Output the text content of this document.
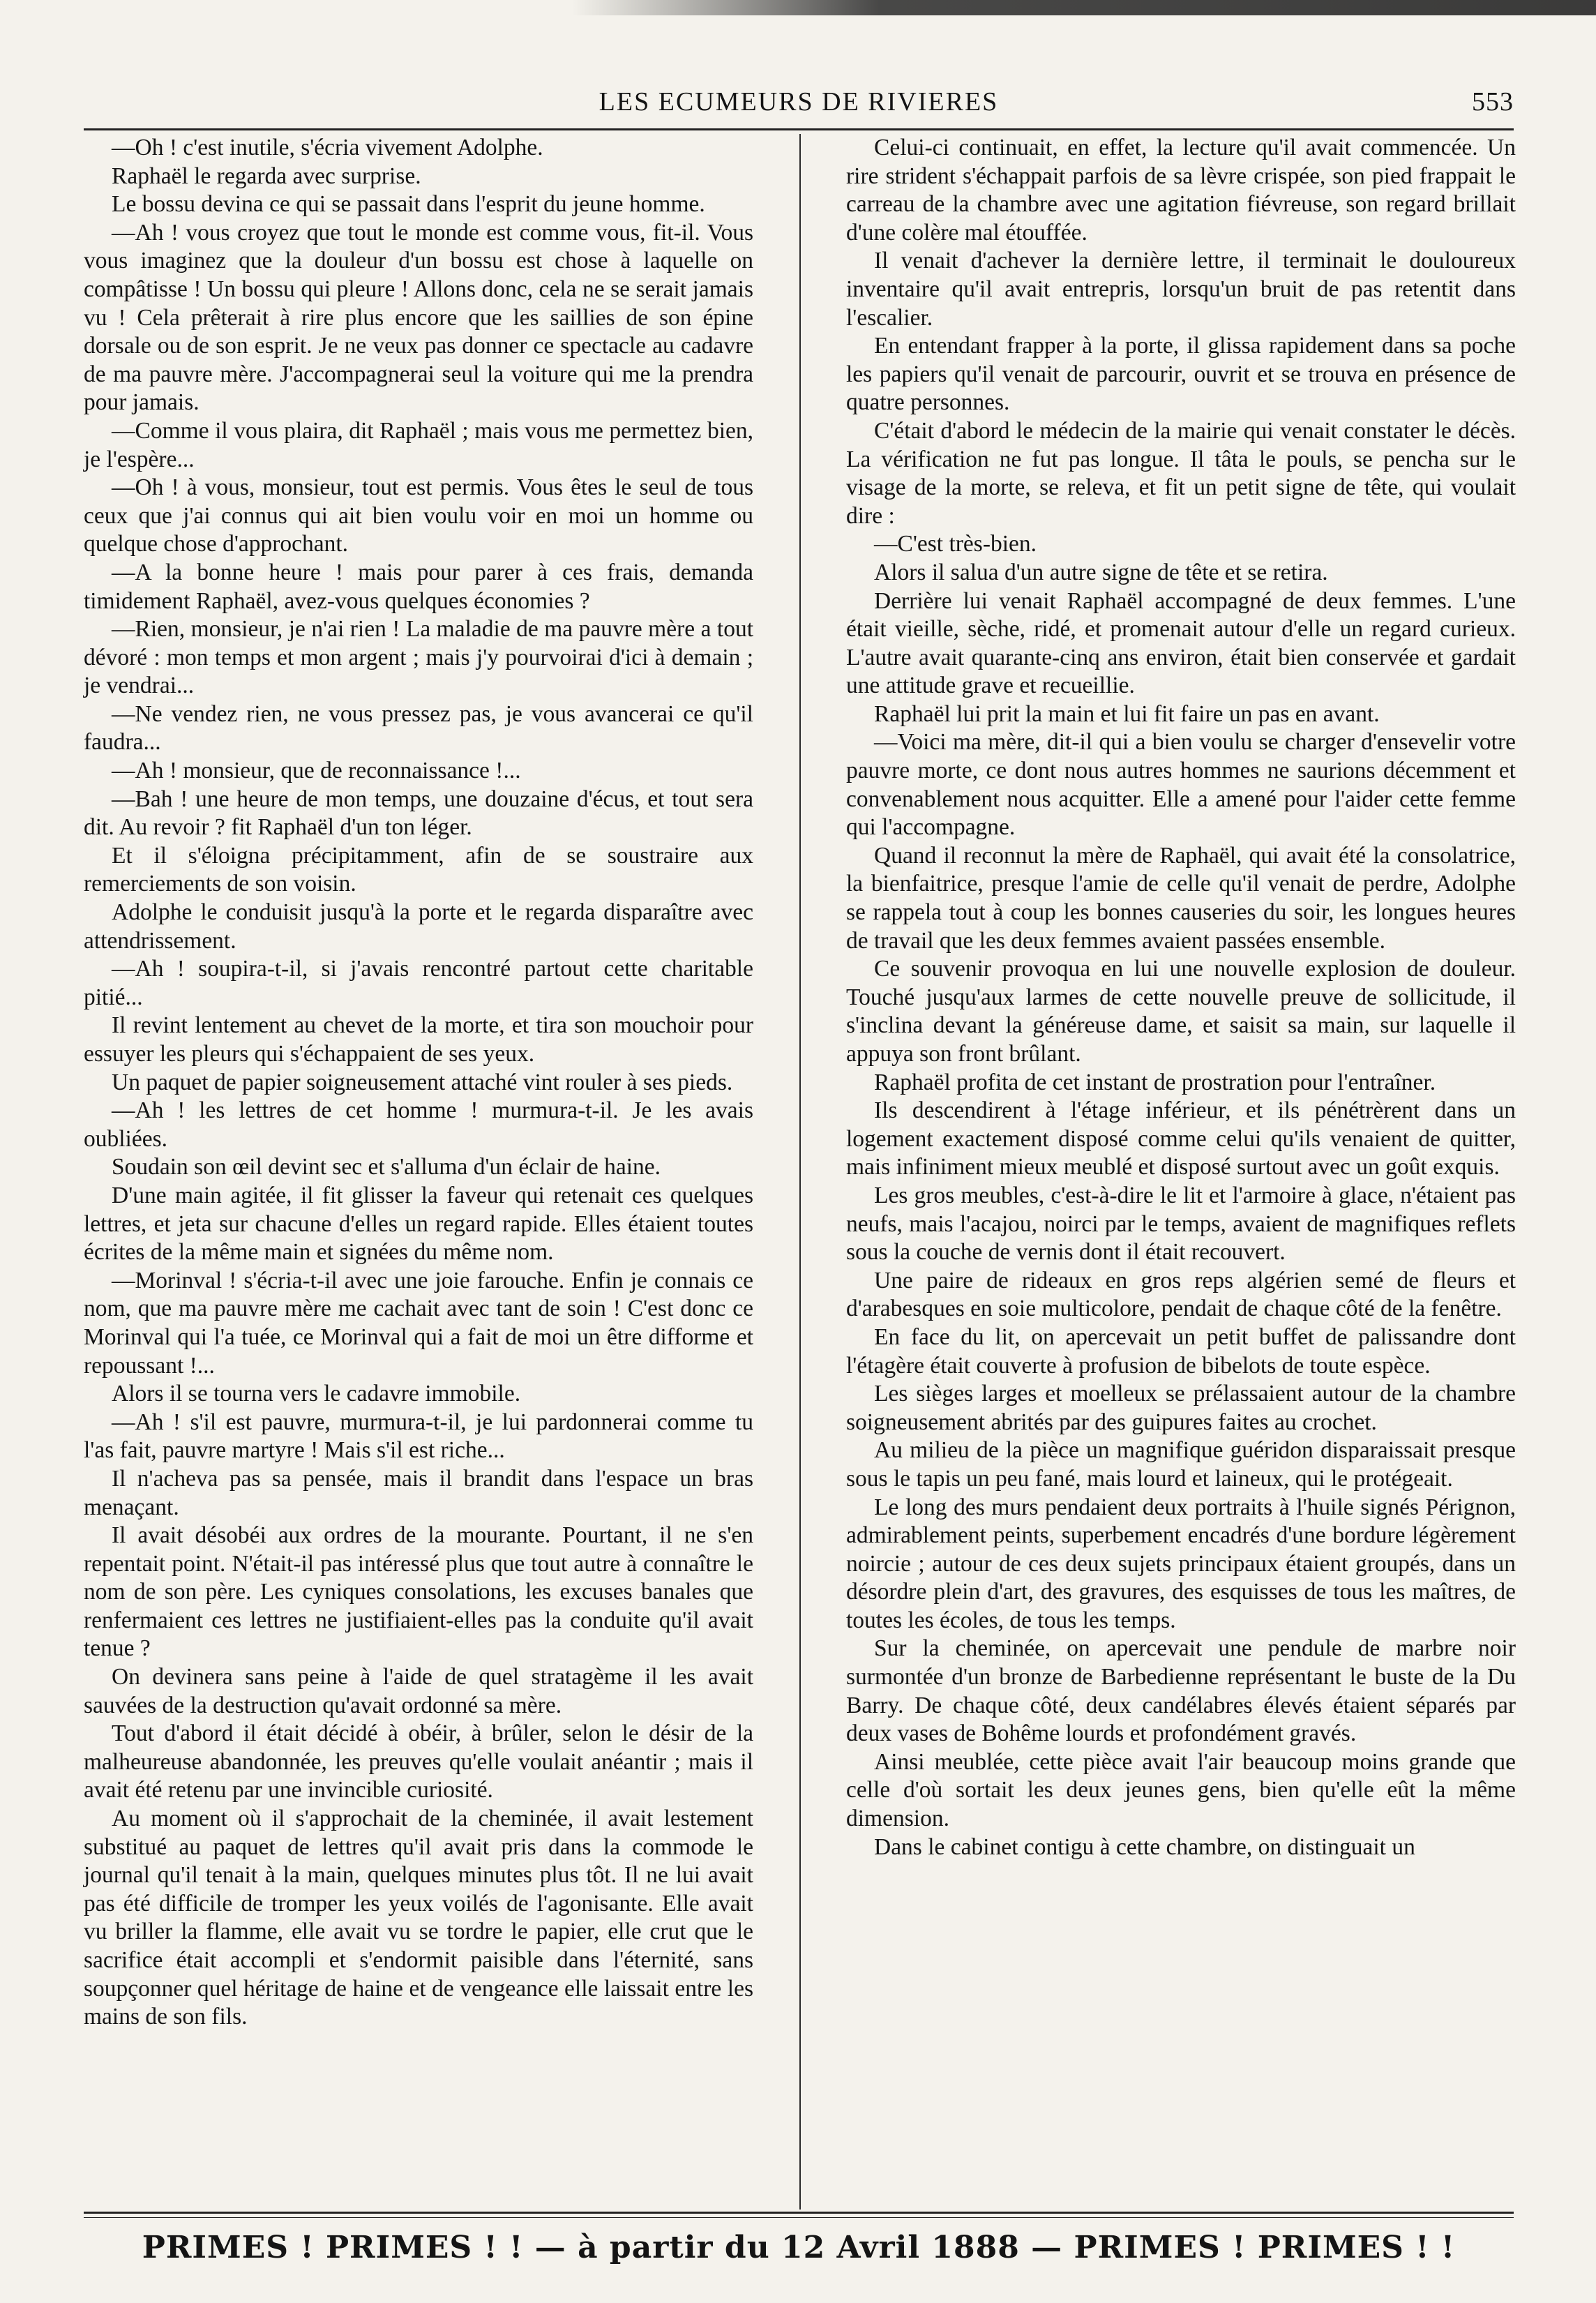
LES ECUMEURS DE RIVIERES	553

—Oh ! c'est inutile, s'écria vivement Adolphe.

Raphaël le regarda avec surprise.

Le bossu devina ce qui se passait dans l'esprit du jeune homme.

—Ah ! vous croyez que tout le monde est comme vous, fit-il. Vous vous imaginez que la douleur d'un bossu est chose à laquelle on compâtisse ! Un bossu qui pleure ! Allons donc, cela ne se serait jamais vu ! Cela prêterait à rire plus encore que les saillies de son épine dorsale ou de son esprit. Je ne veux pas donner ce spectacle au cadavre de ma pauvre mère. J'accompagnerai seul la voiture qui me la prendra pour jamais.

—Comme il vous plaira, dit Raphaël ; mais vous me permettez bien, je l'espère...

—Oh ! à vous, monsieur, tout est permis. Vous êtes le seul de tous ceux que j'ai connus qui ait bien voulu voir en moi un homme ou quelque chose d'approchant.

—A la bonne heure ! mais pour parer à ces frais, demanda timidement Raphaël, avez-vous quelques économies ?

—Rien, monsieur, je n'ai rien ! La maladie de ma pauvre mère a tout dévoré : mon temps et mon argent ; mais j'y pourvoirai d'ici à demain ; je vendrai...

—Ne vendez rien, ne vous pressez pas, je vous avancerai ce qu'il faudra...

—Ah ! monsieur, que de reconnaissance !...

—Bah ! une heure de mon temps, une douzaine d'écus, et tout sera dit. Au revoir ? fit Raphaël d'un ton léger.

Et il s'éloigna précipitamment, afin de se soustraire aux remerciements de son voisin.

Adolphe le conduisit jusqu'à la porte et le regarda disparaître avec attendrissement.

—Ah ! soupira-t-il, si j'avais rencontré partout cette charitable pitié...

Il revint lentement au chevet de la morte, et tira son mouchoir pour essuyer les pleurs qui s'échappaient de ses yeux.

Un paquet de papier soigneusement attaché vint rouler à ses pieds.

—Ah ! les lettres de cet homme ! murmura-t-il. Je les avais oubliées.

Soudain son œil devint sec et s'alluma d'un éclair de haine.

D'une main agitée, il fit glisser la faveur qui retenait ces quelques lettres, et jeta sur chacune d'elles un regard rapide. Elles étaient toutes écrites de la même main et signées du même nom.

—Morinval ! s'écria-t-il avec une joie farouche. Enfin je connais ce nom, que ma pauvre mère me cachait avec tant de soin ! C'est donc ce Morinval qui l'a tuée, ce Morinval qui a fait de moi un être difforme et repoussant !...

Alors il se tourna vers le cadavre immobile.

—Ah ! s'il est pauvre, murmura-t-il, je lui pardonnerai comme tu l'as fait, pauvre martyre ! Mais s'il est riche...

Il n'acheva pas sa pensée, mais il brandit dans l'espace un bras menaçant.

Il avait désobéi aux ordres de la mourante. Pourtant, il ne s'en repentait point. N'était-il pas intéressé plus que tout autre à connaître le nom de son père. Les cyniques consolations, les excuses banales que renfermaient ces lettres ne justifiaient-elles pas la conduite qu'il avait tenue ?

On devinera sans peine à l'aide de quel stratagème il les avait sauvées de la destruction qu'avait ordonné sa mère.

Tout d'abord il était décidé à obéir, à brûler, selon le désir de la malheureuse abandonnée, les preuves qu'elle voulait anéantir ; mais il avait été retenu par une invincible curiosité.

Au moment où il s'approchait de la cheminée, il avait lestement substitué au paquet de lettres qu'il avait pris dans la commode le journal qu'il tenait à la main, quelques minutes plus tôt. Il ne lui avait pas été difficile de tromper les yeux voilés de l'agonisante. Elle avait vu briller la flamme, elle avait vu se tordre le papier, elle crut que le sacrifice était accompli et s'endormit paisible dans l'éternité, sans soupçonner quel héritage de haine et de vengeance elle laissait entre les mains de son fils.

Celui-ci continuait, en effet, la lecture qu'il avait commencée. Un rire strident s'échappait parfois de sa lèvre crispée, son pied frappait le carreau de la chambre avec une agitation fiévreuse, son regard brillait d'une colère mal étouffée.

Il venait d'achever la dernière lettre, il terminait le douloureux inventaire qu'il avait entrepris, lorsqu'un bruit de pas retentit dans l'escalier.

En entendant frapper à la porte, il glissa rapidement dans sa poche les papiers qu'il venait de parcourir, ouvrit et se trouva en présence de quatre personnes.

C'était d'abord le médecin de la mairie qui venait constater le décès. La vérification ne fut pas longue. Il tâta le pouls, se pencha sur le visage de la morte, se releva, et fit un petit signe de tête, qui voulait dire :

—C'est très-bien.

Alors il salua d'un autre signe de tête et se retira.

Derrière lui venait Raphaël accompagné de deux femmes. L'une était vieille, sèche, ridé, et promenait autour d'elle un regard curieux. L'autre avait quarante-cinq ans environ, était bien conservée et gardait une attitude grave et recueillie.

Raphaël lui prit la main et lui fit faire un pas en avant.

—Voici ma mère, dit-il qui a bien voulu se charger d'ensevelir votre pauvre morte, ce dont nous autres hommes ne saurions décemment et convenablement nous acquitter. Elle a amené pour l'aider cette femme qui l'accompagne.

Quand il reconnut la mère de Raphaël, qui avait été la consolatrice, la bienfaitrice, presque l'amie de celle qu'il venait de perdre, Adolphe se rappela tout à coup les bonnes causeries du soir, les longues heures de travail que les deux femmes avaient passées ensemble.

Ce souvenir provoqua en lui une nouvelle explosion de douleur. Touché jusqu'aux larmes de cette nouvelle preuve de sollicitude, il s'inclina devant la généreuse dame, et saisit sa main, sur laquelle il appuya son front brûlant.

Raphaël profita de cet instant de prostration pour l'entraîner.

Ils descendirent à l'étage inférieur, et ils pénétrèrent dans un logement exactement disposé comme celui qu'ils venaient de quitter, mais infiniment mieux meublé et disposé surtout avec un goût exquis.

Les gros meubles, c'est-à-dire le lit et l'armoire à glace, n'étaient pas neufs, mais l'acajou, noirci par le temps, avaient de magnifiques reflets sous la couche de vernis dont il était recouvert.

Une paire de rideaux en gros reps algérien semé de fleurs et d'arabesques en soie multicolore, pendait de chaque côté de la fenêtre.

En face du lit, on apercevait un petit buffet de palissandre dont l'étagère était couverte à profusion de bibelots de toute espèce.

Les sièges larges et moelleux se prélassaient autour de la chambre soigneusement abrités par des guipures faites au crochet.

Au milieu de la pièce un magnifique guéridon disparaissait presque sous le tapis un peu fané, mais lourd et laineux, qui le protégeait.

Le long des murs pendaient deux portraits à l'huile signés Pérignon, admirablement peints, superbement encadrés d'une bordure légèrement noircie ; autour de ces deux sujets principaux étaient groupés, dans un désordre plein d'art, des gravures, des esquisses de tous les maîtres, de toutes les écoles, de tous les temps.

Sur la cheminée, on apercevait une pendule de marbre noir surmontée d'un bronze de Barbedienne représentant le buste de la Du Barry. De chaque côté, deux candélabres élevés étaient séparés par deux vases de Bohême lourds et profondément gravés.

Ainsi meublée, cette pièce avait l'air beaucoup moins grande que celle d'où sortait les deux jeunes gens, bien qu'elle eût la même dimension.

Dans le cabinet contigu à cette chambre, on distinguait un

PRIMES ! PRIMES ! ! — à partir du 12 Avril 1888 — PRIMES ! PRIMES ! !
